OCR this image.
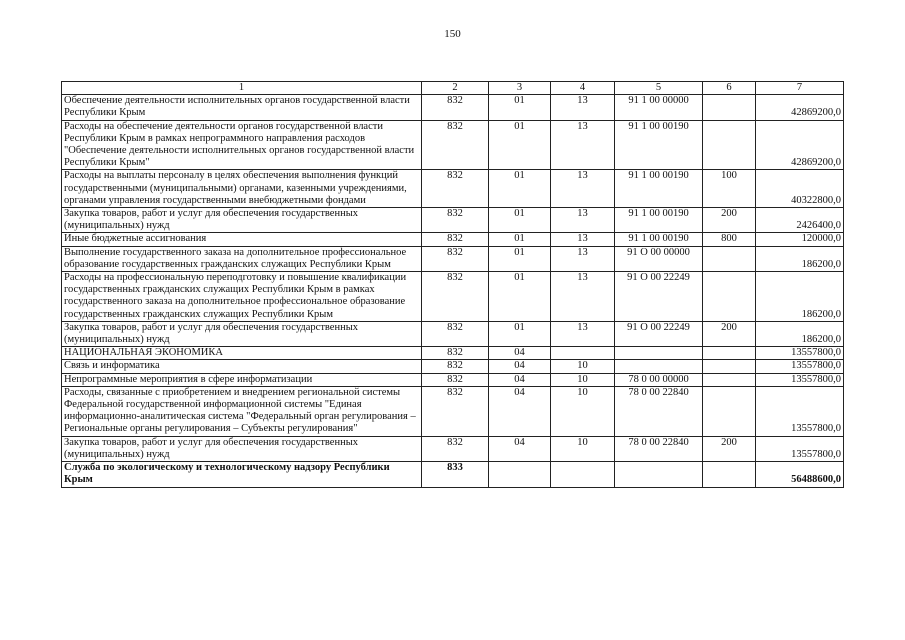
150
1	2	3	4	5	6	7
Обеспечение деятельности исполнительных органов государственной власти Республики Крым	832	01	13	91 1 00 00000		42869200,0
Расходы на обеспечение деятельности органов государственной власти Республики Крым в рамках непрограммного направления расходов "Обеспечение деятельности исполнительных органов государственной власти Республики Крым"	832	01	13	91 1 00 00190		42869200,0
Расходы на выплаты персоналу в целях обеспечения выполнения функций государственными (муниципальными) органами, казенными учреждениями, органами управления государственными внебюджетными фондами	832	01	13	91 1 00 00190	100	40322800,0
Закупка товаров, работ и услуг для обеспечения государственных (муниципальных) нужд	832	01	13	91 1 00 00190	200	2426400,0
Иные бюджетные ассигнования	832	01	13	91 1 00 00190	800	120000,0
Выполнение государственного заказа на дополнительное профессиональное образование государственных гражданских служащих Республики Крым	832	01	13	91 О 00 00000		186200,0
Расходы на профессиональную переподготовку и повышение квалификации государственных гражданских служащих Республики Крым в рамках государственного заказа на дополнительное профессиональное образование государственных гражданских служащих Республики Крым	832	01	13	91 О 00 22249		186200,0
Закупка товаров, работ и услуг для обеспечения государственных (муниципальных) нужд	832	01	13	91 О 00 22249	200	186200,0
НАЦИОНАЛЬНАЯ ЭКОНОМИКА	832	04				13557800,0
Связь и информатика	832	04	10			13557800,0
Непрограммные мероприятия в сфере информатизации	832	04	10	78 0 00 00000		13557800,0
Расходы, связанные с приобретением и внедрением региональной системы Федеральной государственной информационной системы "Единая информационно-аналитическая система "Федеральный орган регулирования – Региональные органы регулирования – Субъекты регулирования"	832	04	10	78 0 00 22840		13557800,0
Закупка товаров, работ и услуг для обеспечения государственных (муниципальных) нужд	832	04	10	78 0 00 22840	200	13557800,0
Служба по экологическому и технологическому надзору Республики Крым	833					56488600,0
